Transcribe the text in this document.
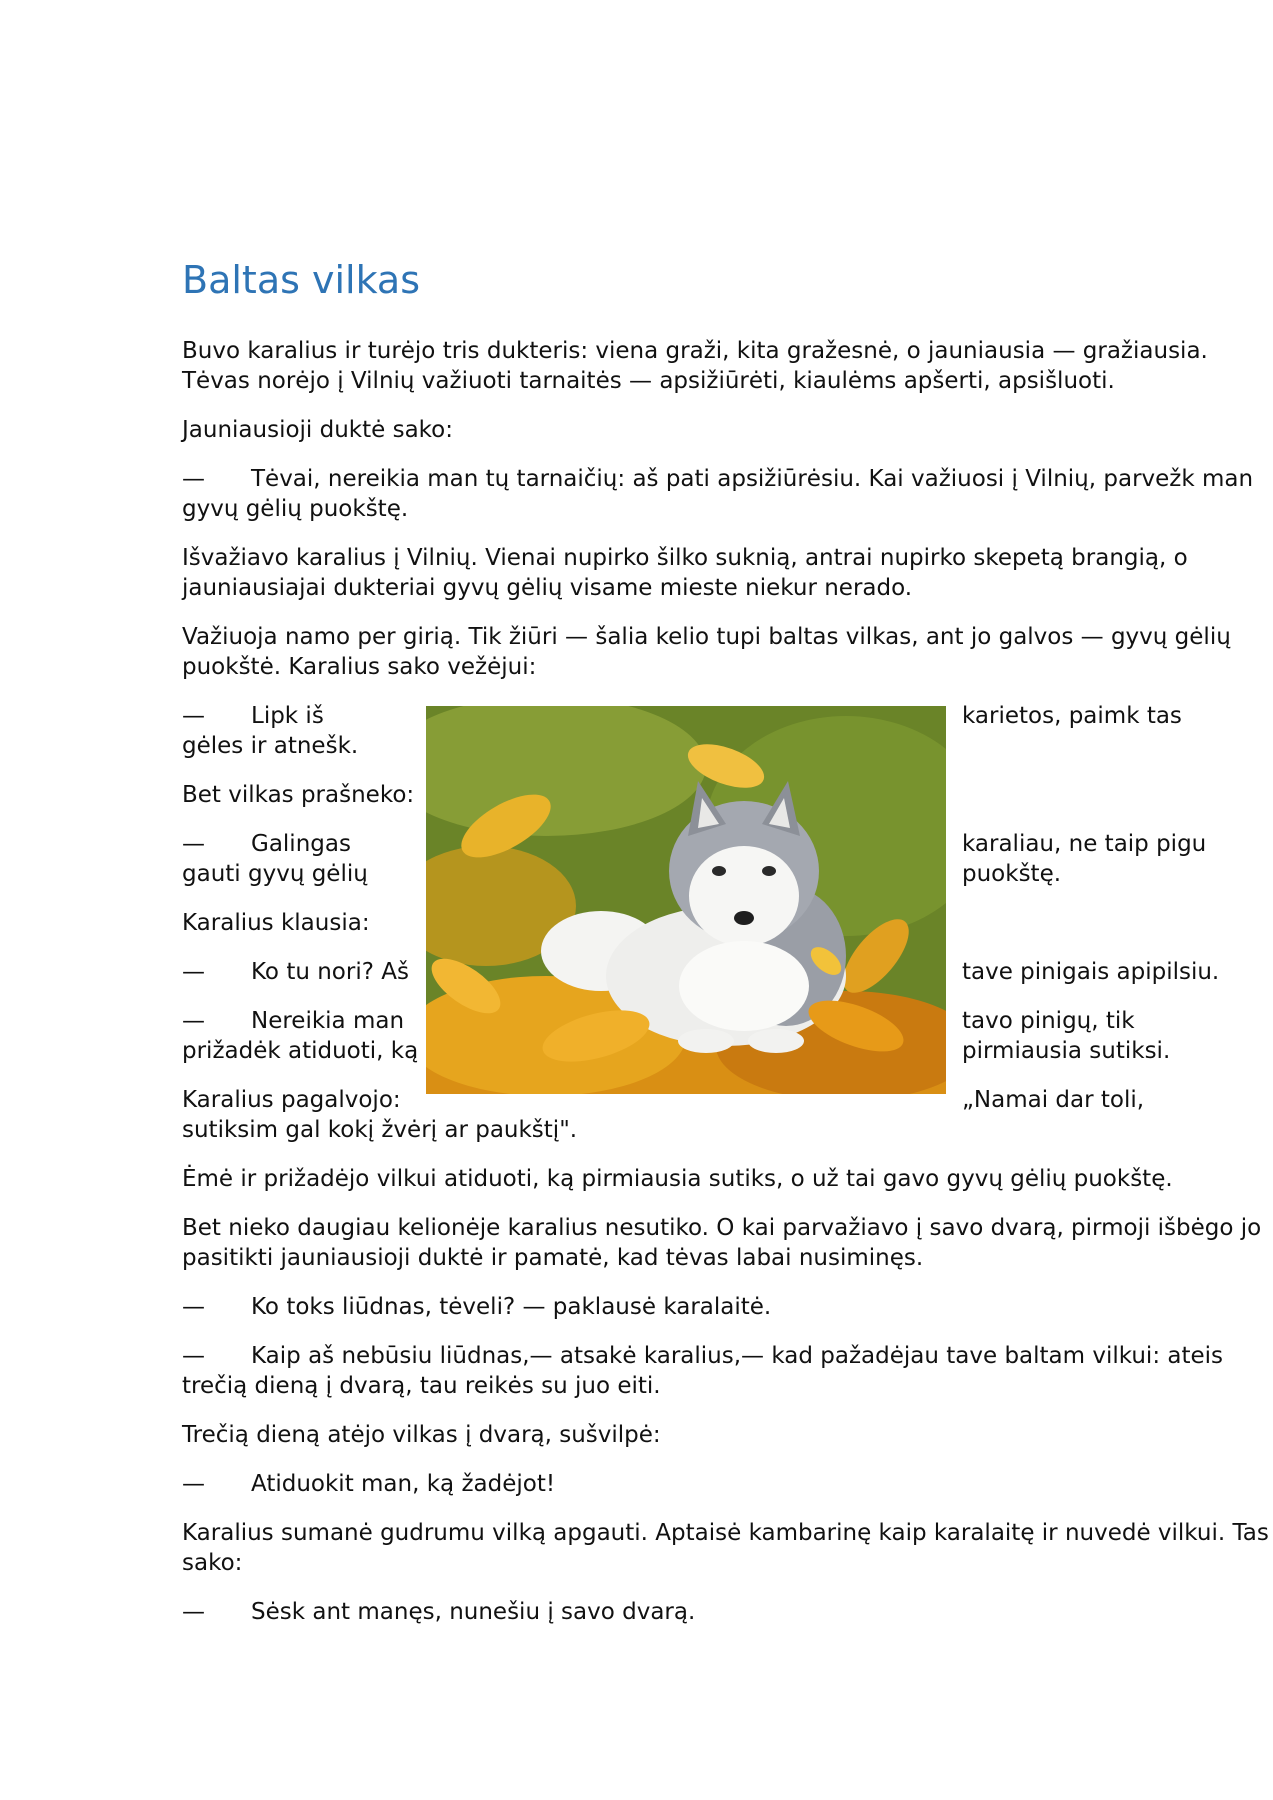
Baltas vilkas
Buvo karalius ir turėjo tris dukteris: viena graži, kita gražesnė, o jauniausia — gražiausia.
Tėvas norėjo į Vilnių važiuoti tarnaitės — apsižiūrėti, kiaulėms apšerti, apsišluoti.
Jauniausioji duktė sako:
— Tėvai, nereikia man tų tarnaičių: aš pati apsižiūrėsiu. Kai važiuosi į Vilnių, parvežk man
gyvų gėlių puokštę.
Išvažiavo karalius į Vilnių. Vienai nupirko šilko suknią, antrai nupirko skepetą brangią, o
jauniausiajai dukteriai gyvų gėlių visame mieste niekur nerado.
Važiuoja namo per girią. Tik žiūri — šalia kelio tupi baltas vilkas, ant jo galvos — gyvų gėlių
puokštė. Karalius sako vežėjui:
— Lipk iš	karietos, paimk tas
gėles ir atnešk.
Bet vilkas prašneko:
— Galingas	karaliau, ne taip pigu
gauti gyvų gėlių	puokštę.
Karalius klausia:
— Ko tu nori? Aš	tave pinigais apipilsiu.
— Nereikia man	tavo pinigų, tik
prižadėk atiduoti, ką	pirmiausia sutiksi.
Karalius pagalvojo:	„Namai dar toli,
sutiksim gal kokį žvėrį ar paukštį".
Ėmė ir prižadėjo vilkui atiduoti, ką pirmiausia sutiks, o už tai gavo gyvų gėlių puokštę.
Bet nieko daugiau kelionėje karalius nesutiko. O kai parvažiavo į savo dvarą, pirmoji išbėgo jo
pasitikti jauniausioji duktė ir pamatė, kad tėvas labai nusiminęs.
— Ko toks liūdnas, tėveli? — paklausė karalaitė.
— Kaip aš nebūsiu liūdnas,— atsakė karalius,— kad pažadėjau tave baltam vilkui: ateis
trečią dieną į dvarą, tau reikės su juo eiti.
Trečią dieną atėjo vilkas į dvarą, sušvilpė:
— Atiduokit man, ką žadėjot!
Karalius sumanė gudrumu vilką apgauti. Aptaisė kambarinę kaip karalaitę ir nuvedė vilkui. Tas
sako:
— Sėsk ant manęs, nunešiu į savo dvarą.
